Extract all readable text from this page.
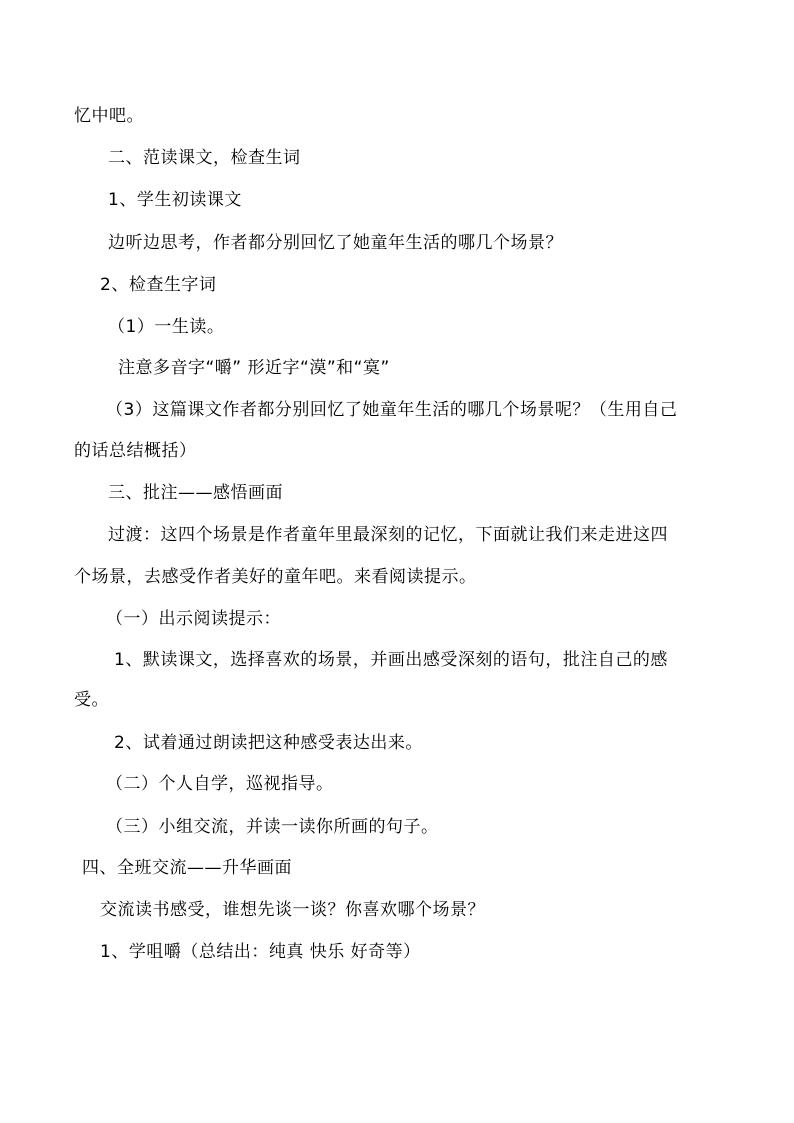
忆中吧。
二、范读课文，检查生词
1、学生初读课文
边听边思考，作者都分别回忆了她童年生活的哪几个场景？
2、检查生字词
（1）一生读。
注意多音字“嚼” 形近字“漠”和“寞”
（3）这篇课文作者都分别回忆了她童年生活的哪几个场景呢？（生用自己
的话总结概括）
三、批注——感悟画面
过渡：这四个场景是作者童年里最深刻的记忆，下面就让我们来走进这四
个场景，去感受作者美好的童年吧。来看阅读提示。
（一）出示阅读提示：
1、默读课文，选择喜欢的场景，并画出感受深刻的语句，批注自己的感
受。
2、试着通过朗读把这种感受表达出来。
（二）个人自学，巡视指导。
（三）小组交流，并读一读你所画的句子。
四、全班交流——升华画面
交流读书感受，谁想先谈一谈？你喜欢哪个场景？
1、学咀嚼（总结出：纯真 快乐 好奇等）
